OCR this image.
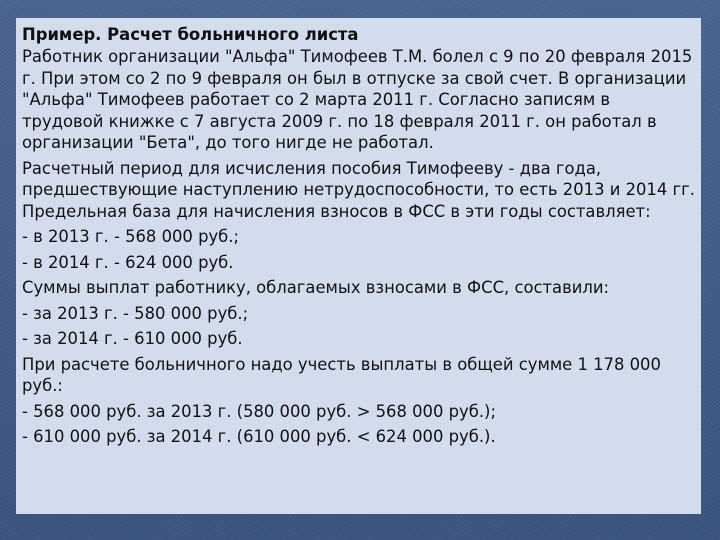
Пример. Расчет больничного листа

Работник организации "Альфа" Тимофеев Т.М. болел с 9 по 20 февраля 2015 г. При этом со 2 по 9 февраля он был в отпуске за свой счет. В организации "Альфа" Тимофеев работает со 2 марта 2011 г. Согласно записям в трудовой книжке с 7 августа 2009 г. по 18 февраля 2011 г. он работал в организации "Бета", до того нигде не работал.

Расчетный период для исчисления пособия Тимофееву - два года, предшествующие наступлению нетрудоспособности, то есть 2013 и 2014 гг. Предельная база для начисления взносов в ФСС в эти годы составляет:

- в 2013 г. - 568 000 руб.;

- в 2014 г. - 624 000 руб.

Суммы выплат работнику, облагаемых взносами в ФСС, составили:

- за 2013 г. - 580 000 руб.;

- за 2014 г. - 610 000 руб.

При расчете больничного надо учесть выплаты в общей сумме 1 178 000 руб.:

- 568 000 руб. за 2013 г. (580 000 руб. > 568 000 руб.);

- 610 000 руб. за 2014 г. (610 000 руб. < 624 000 руб.).
